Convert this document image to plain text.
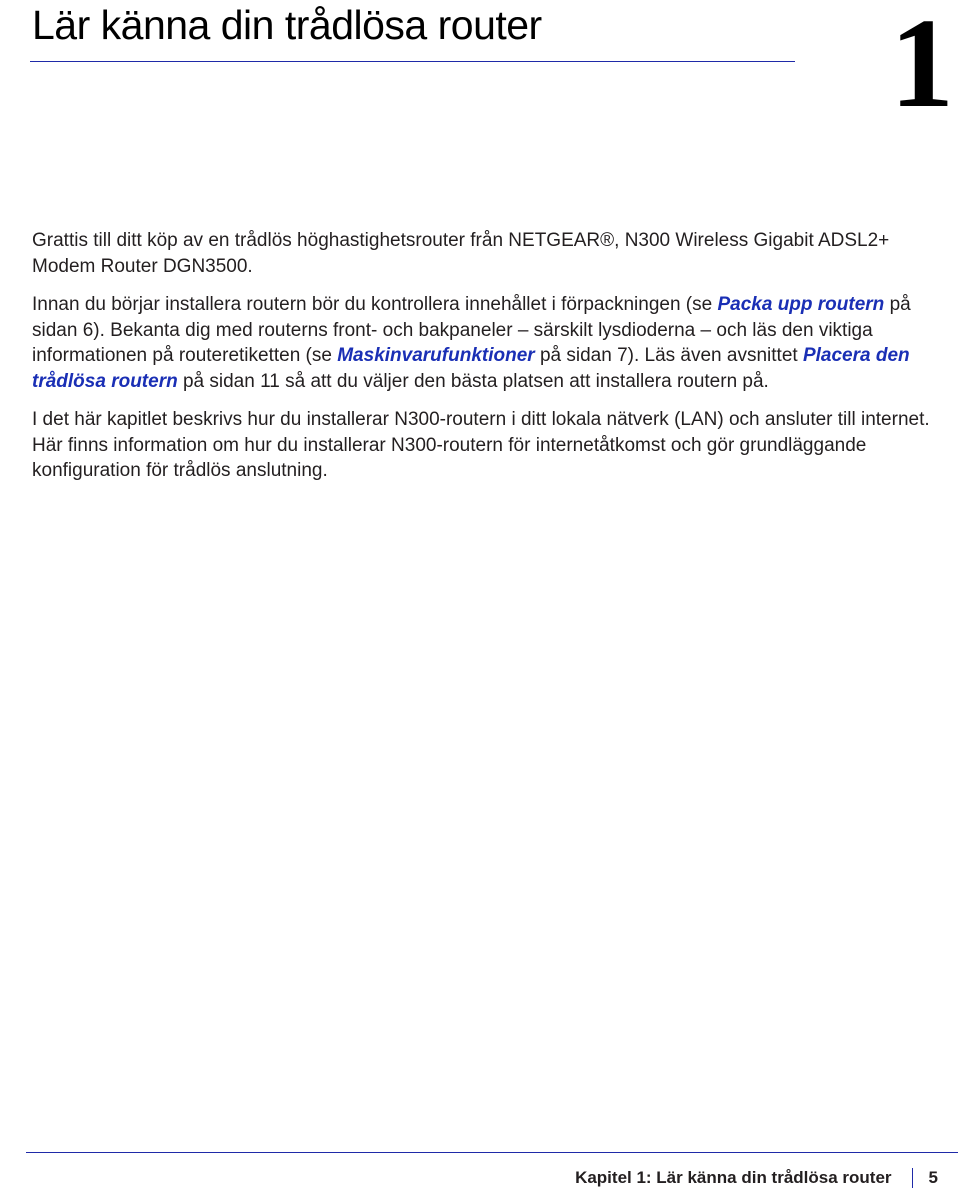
Lär känna din trådlösa router	1

Grattis till ditt köp av en trådlös höghastighetsrouter från NETGEAR®, N300 Wireless Gigabit ADSL2+ Modem Router DGN3500.

Innan du börjar installera routern bör du kontrollera innehållet i förpackningen (se Packa upp routern på sidan 6). Bekanta dig med routerns front- och bakpaneler – särskilt lysdioderna – och läs den viktiga informationen på routeretiketten (se Maskinvarufunktioner på sidan 7). Läs även avsnittet Placera den trådlösa routern på sidan 11 så att du väljer den bästa platsen att installera routern på.

I det här kapitlet beskrivs hur du installerar N300-routern i ditt lokala nätverk (LAN) och ansluter till internet. Här finns information om hur du installerar N300-routern för internetåtkomst och gör grundläggande konfiguration för trådlös anslutning.

Kapitel 1: Lär känna din trådlösa router 5
